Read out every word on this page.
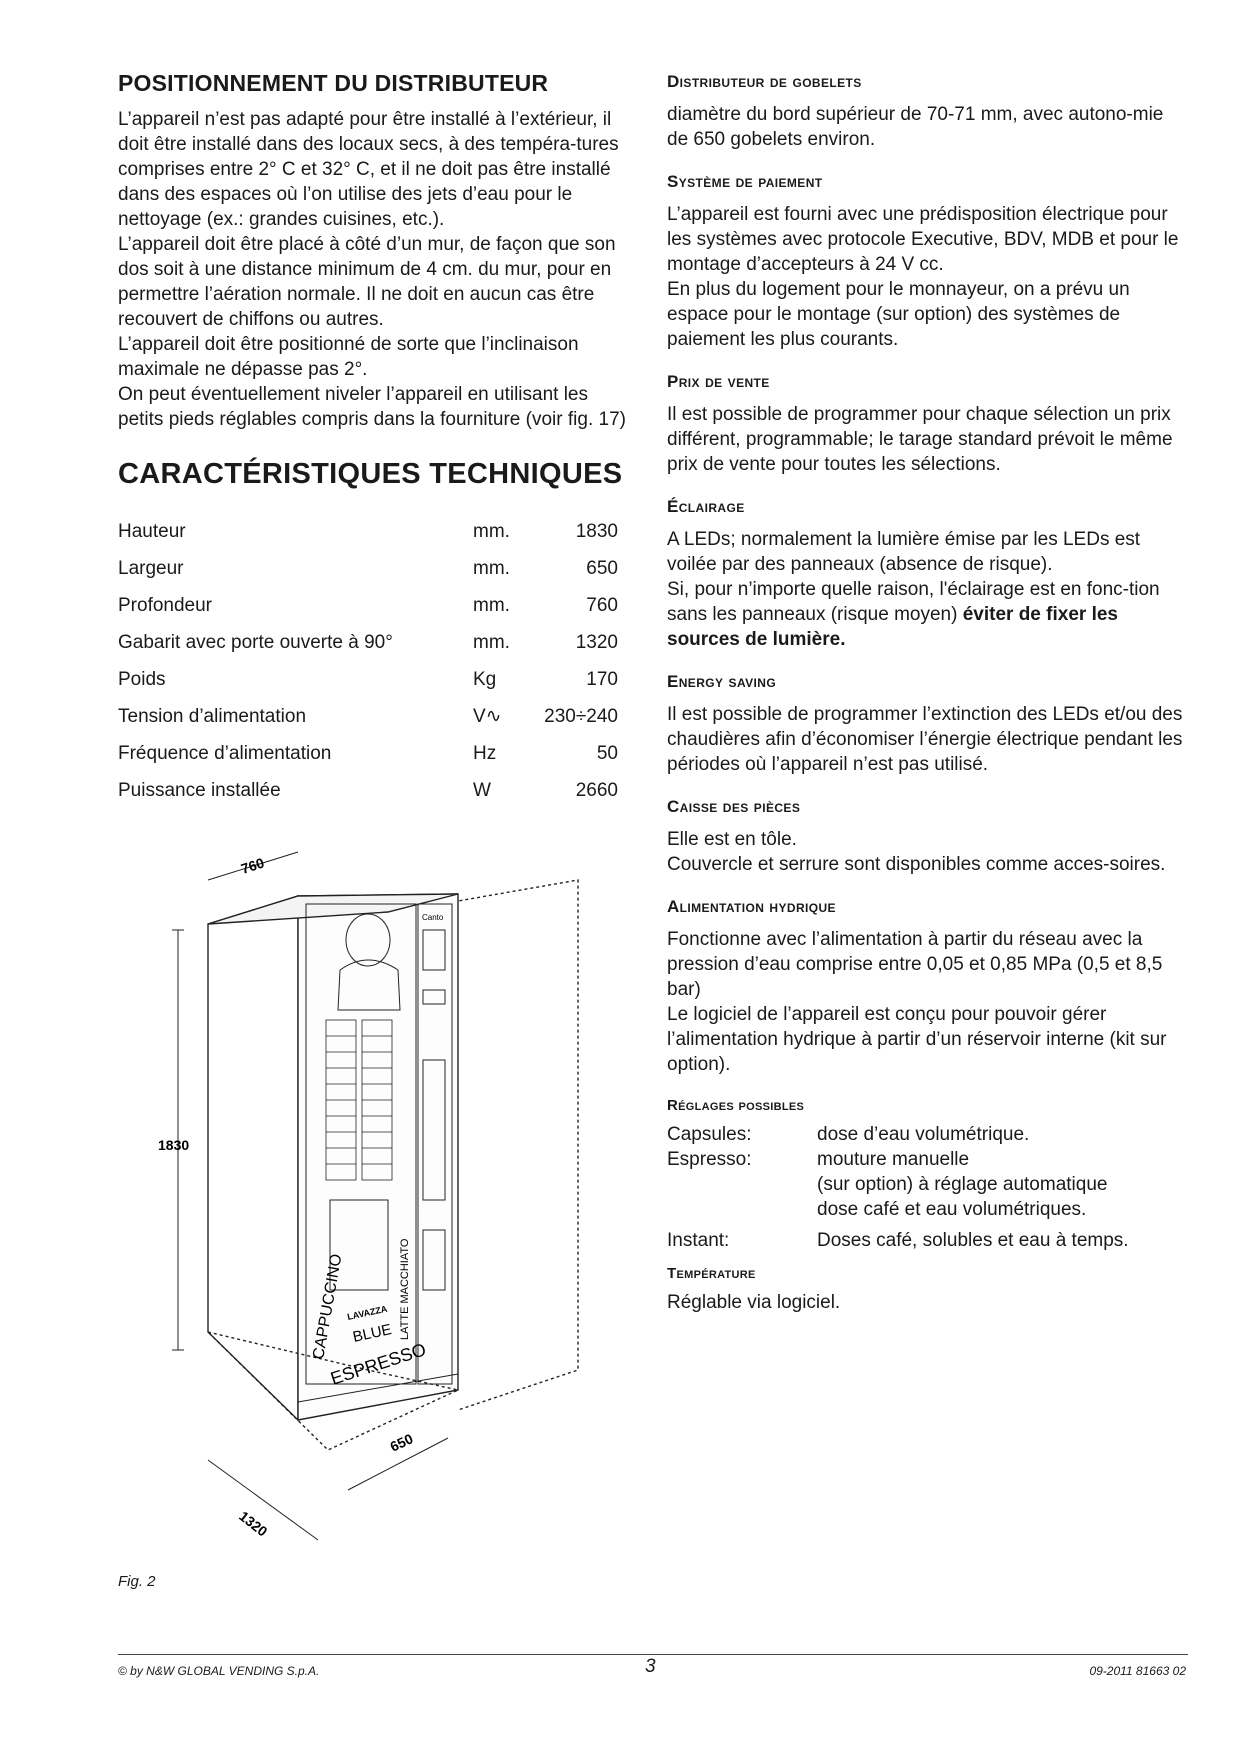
POSITIONNEMENT DU DISTRIBUTEUR

L’appareil n’est pas adapté pour être installé à l’extérieur, il doit être installé dans des locaux secs, à des tempéra-tures comprises entre 2° C et 32° C, et il ne doit pas être installé dans des espaces où l’on utilise des jets d’eau pour le nettoyage (ex.: grandes cuisines, etc.).

L’appareil doit être placé à côté d’un mur, de façon que son dos soit à une distance minimum de 4 cm. du mur, pour en permettre l’aération normale. Il ne doit en aucun cas être recouvert de chiffons ou autres.

L’appareil doit être positionné de sorte que l’inclinaison maximale ne dépasse pas 2°.

On peut éventuellement niveler l’appareil en utilisant les petits pieds réglables compris dans la fourniture (voir fig. 17)

CARACTÉRISTIQUES TECHNIQUES
Hauteur	mm.	1830
Largeur	mm.	650
Profondeur	mm.	760
Gabarit avec porte ouverte à 90°	mm.	1320
Poids	Kg	170
Tension d’alimentation	V∿	230÷240
Fréquence d’alimentation	Hz	50
Puissance installée	W	2660
760
1830
650
1320
Canto
CAPPUCCINO
ESPRESSO
LATTE MACCHIATO
LAVAZZA
BLUE
Fig. 2
Distributeur de gobelets

diamètre du bord supérieur de 70-71 mm, avec autono-mie de 650 gobelets environ.

Système de paiement

L’appareil est fourni avec une prédisposition électrique pour les systèmes avec protocole Executive, BDV, MDB et pour le montage d’accepteurs à 24 V cc.

En plus du logement pour le monnayeur, on a prévu un espace pour le montage (sur option) des systèmes de paiement les plus courants.

Prix de vente

Il est possible de programmer pour chaque sélection un prix différent, programmable; le tarage standard prévoit le même prix de vente pour toutes les sélections.

Éclairage

A LEDs; normalement la lumière émise par les LEDs est voilée par des panneaux (absence de risque).

Si, pour n’importe quelle raison, l'éclairage est en fonc-tion sans les panneaux (risque moyen) éviter de fixer les sources de lumière.

Energy saving

Il est possible de programmer l’extinction des LEDs et/ou des chaudières afin d’économiser l’énergie électrique pendant les périodes où l’appareil n’est pas utilisé.

Caisse des pièces

Elle est en tôle.

Couvercle et serrure sont disponibles comme acces-soires.

Alimentation hydrique

Fonctionne avec l’alimentation à partir du réseau avec la pression d’eau comprise entre 0,05 et 0,85 MPa (0,5 et 8,5 bar)

Le logiciel de l’appareil est conçu pour pouvoir gérer l’alimentation hydrique à partir d’un réservoir interne (kit sur option).

Réglages possibles
Capsules:	dose d’eau volumétrique.
Espresso:	mouture manuelle
	(sur option) à réglage automatique
	dose café et eau volumétriques.
Instant:	Doses café, solubles et eau à temps.
Température

Réglable via logiciel.

© by N&W GLOBAL VENDING S.p.A.	3	09-2011 81663 02
